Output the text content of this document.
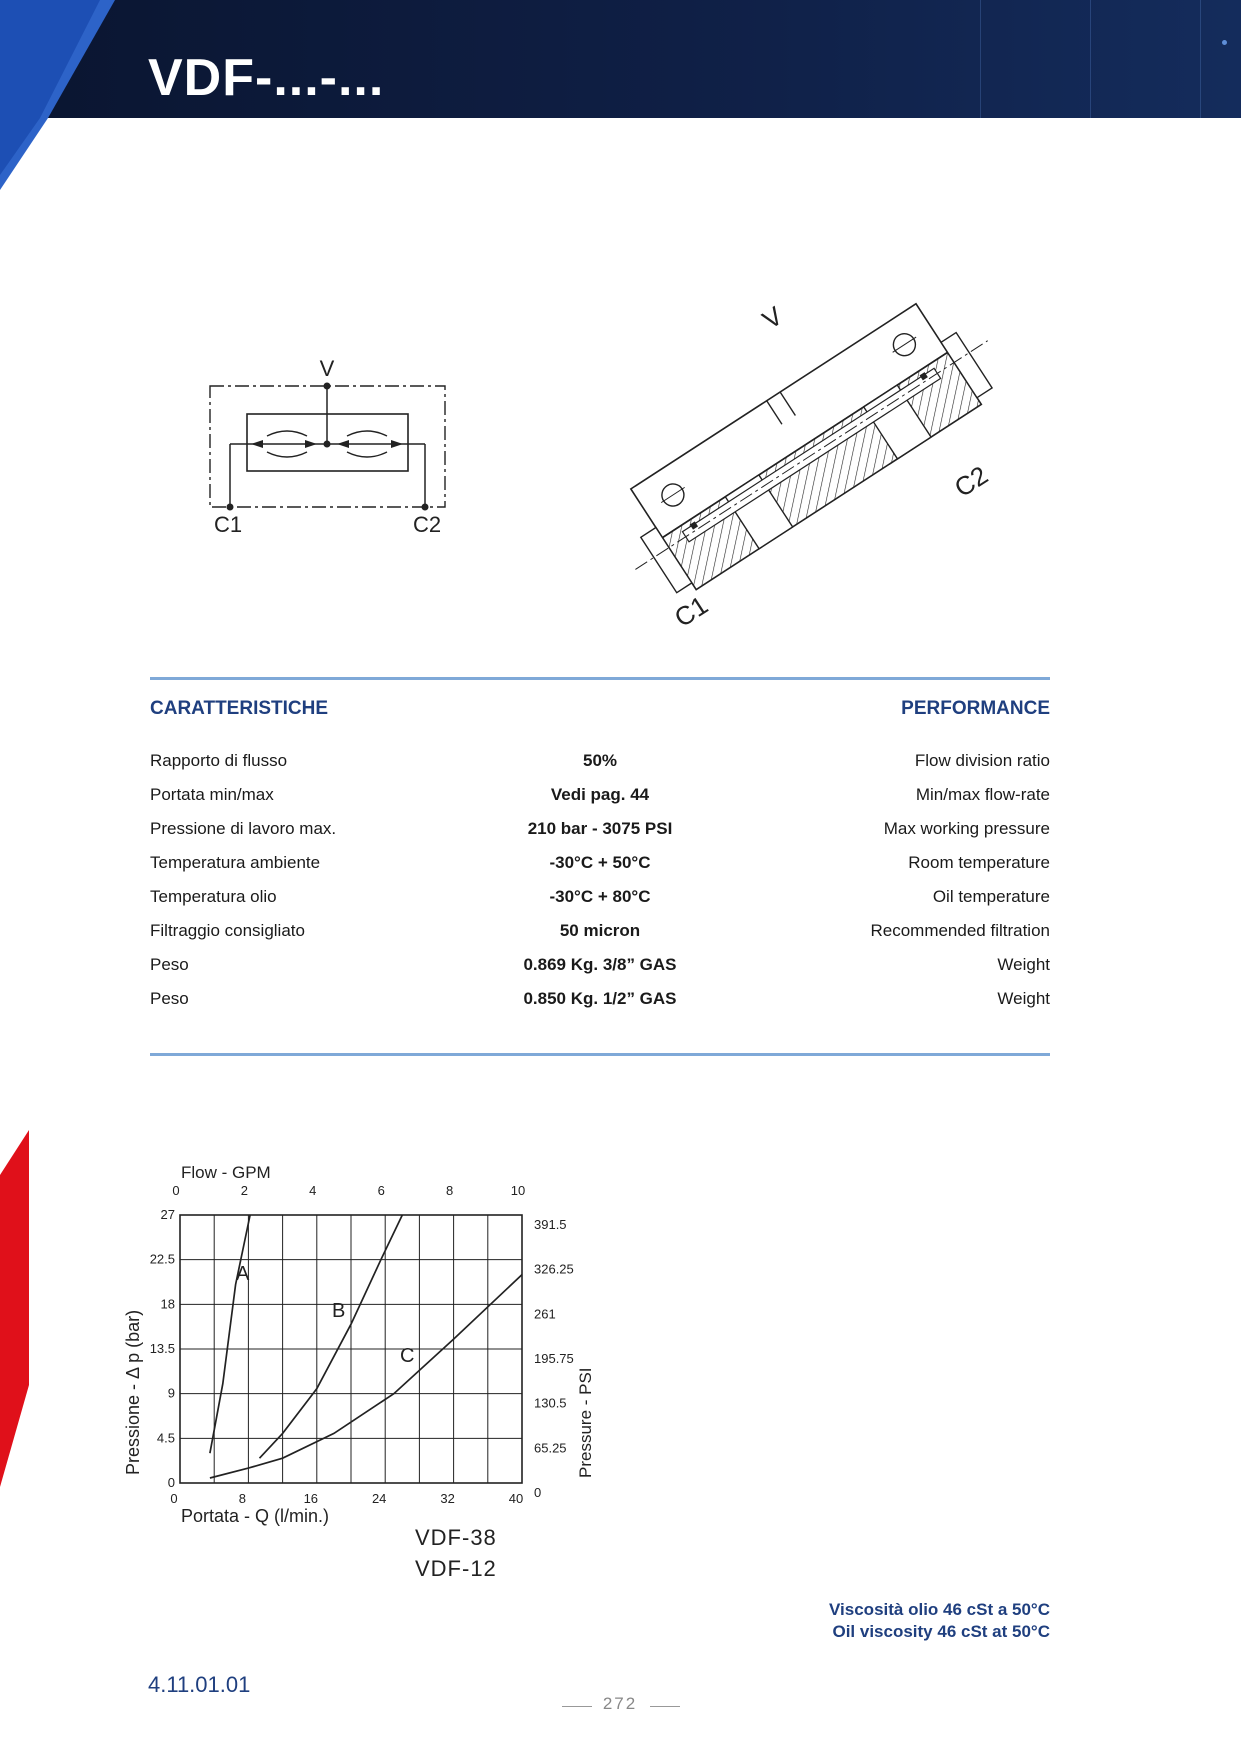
VDF-...-...
V
C1	C2
V
C1
C2
CARATTERISTICHE	PERFORMANCE
Rapporto di flusso	50%	Flow division ratio
Portata min/max	Vedi pag. 44	Min/max flow-rate
Pressione di lavoro max.	210 bar - 3075 PSI	Max working pressure
Temperatura ambiente	-30°C + 50°C	Room temperature
Temperatura olio	-30°C + 80°C	Oil temperature
Filtraggio consigliato	50 micron	Recommended filtration
Peso	0.869 Kg. 3/8” GAS	Weight
Peso	0.850 Kg. 1/2” GAS	Weight
0	8	16	24	32	40
0	2	4	6	8	10
0
4.5
9
13.5
18
22.5
27
0
65.25
130.5
195.75
261
326.25
391.5
Flow - GPM
Portata - Q (l/min.)
Pressione - Δ p (bar)	Pressure - PSI
A
B
C
VDF-38
VDF-12
Viscosità olio 46 cSt a 50°C
Oil viscosity 46 cSt at 50°C
4.11.01.01
272
